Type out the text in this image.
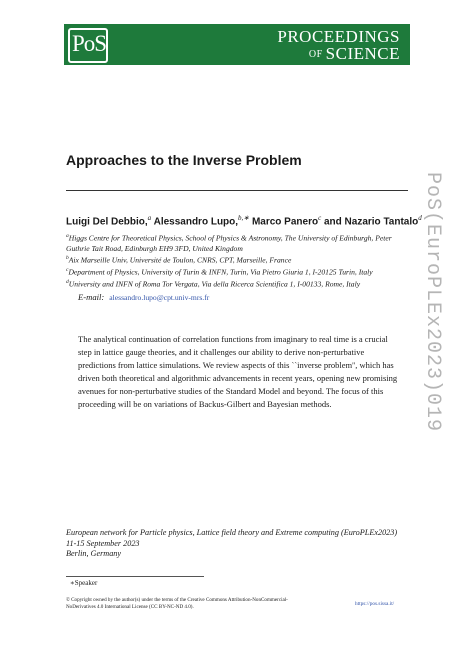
PoS	PROCEEDINGS
OF SCIENCE
Approaches to the Inverse Problem
Luigi Del Debbio,$^a$ Alessandro Lupo,$^{b,∗}$ Marco Panero$^c$ and Nazario Tantalo$^d$
$^a$Higgs Centre for Theoretical Physics, School of Physics & Astronomy, The University of Edinburgh, Peter Guthrie Tait Road, Edinburgh EH9 3FD, United Kingdom
$^b$Aix Marseille Univ, Université de Toulon, CNRS, CPT, Marseille, France
$^c$Department of Physics, University of Turin & INFN, Turin, Via Pietro Giuria 1, I-20125 Turin, Italy
$^d$University and INFN of Roma Tor Vergata, Via della Ricerca Scientifica 1, I-00133, Rome, Italy
E-mail: alessandro.lupo@cpt.univ-mrs.fr
The analytical continuation of correlation functions from imaginary to real time is a crucial step in lattice gauge theories, and it challenges our ability to derive non-perturbative predictions from lattice simulations. We review aspects of this ``inverse problem'', which has driven both theoretical and algorithmic advancements in recent years, opening new promising avenues for non-perturbative studies of the Standard Model and beyond. The focus of this proceeding will be on variations of Backus-Gilbert and Bayesian methods.
European network for Particle physics, Lattice field theory and Extreme computing (EuroPLEx2023)
11-15 September 2023
Berlin, Germany
∗Speaker
© Copyright owned by the author(s) under the terms of the Creative Commons Attribution-NonCommercial-NoDerivatives 4.0 International License (CC BY-NC-ND 4.0).	https://pos.sissa.it/
PoS(EuroPLEx2023)019
